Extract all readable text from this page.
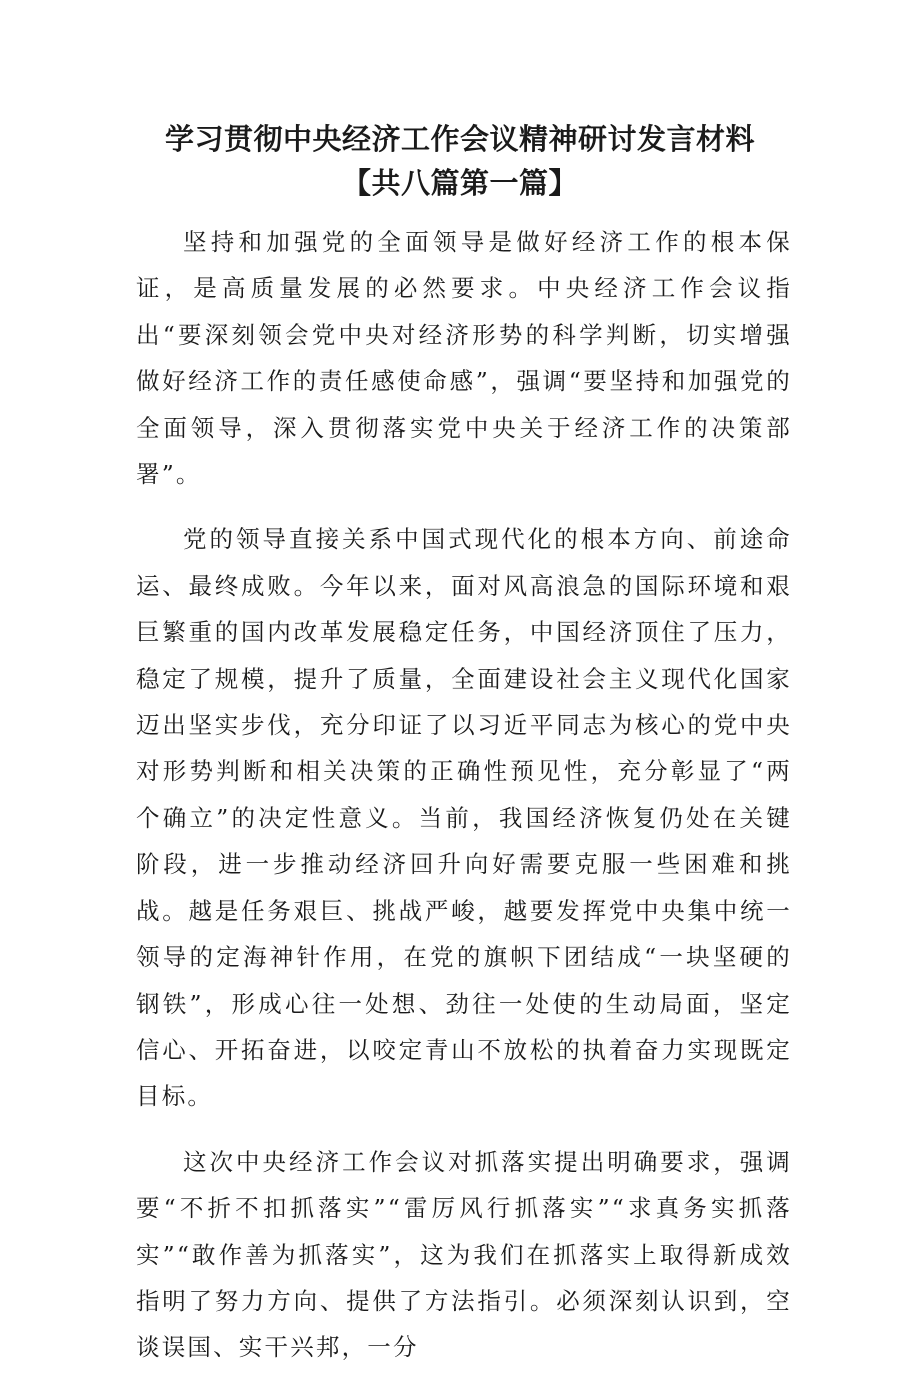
学习贯彻中央经济工作会议精神研讨发言材料
【共八篇第一篇】

坚持和加强党的全面领导是做好经济工作的根本保证，是高质量发展的必然要求。中央经济工作会议指出“要深刻领会党中央对经济形势的科学判断，切实增强做好经济工作的责任感使命感”，强调“要坚持和加强党的全面领导，深入贯彻落实党中央关于经济工作的决策部署”。

党的领导直接关系中国式现代化的根本方向、前途命运、最终成败。今年以来，面对风高浪急的国际环境和艰巨繁重的国内改革发展稳定任务，中国经济顶住了压力，稳定了规模，提升了质量，全面建设社会主义现代化国家迈出坚实步伐，充分印证了以习近平同志为核心的党中央对形势判断和相关决策的正确性预见性，充分彰显了“两个确立”的决定性意义。当前，我国经济恢复仍处在关键阶段，进一步推动经济回升向好需要克服一些困难和挑战。越是任务艰巨、挑战严峻，越要发挥党中央集中统一领导的定海神针作用，在党的旗帜下团结成“一块坚硬的钢铁”，形成心往一处想、劲往一处使的生动局面，坚定信心、开拓奋进，以咬定青山不放松的执着奋力实现既定目标。

这次中央经济工作会议对抓落实提出明确要求，强调要“不折不扣抓落实”“雷厉风行抓落实”“求真务实抓落实”“敢作善为抓落实”，这为我们在抓落实上取得新成效指明了努力方向、提供了方法指引。必须深刻认识到，空谈误国、实干兴邦，一分
